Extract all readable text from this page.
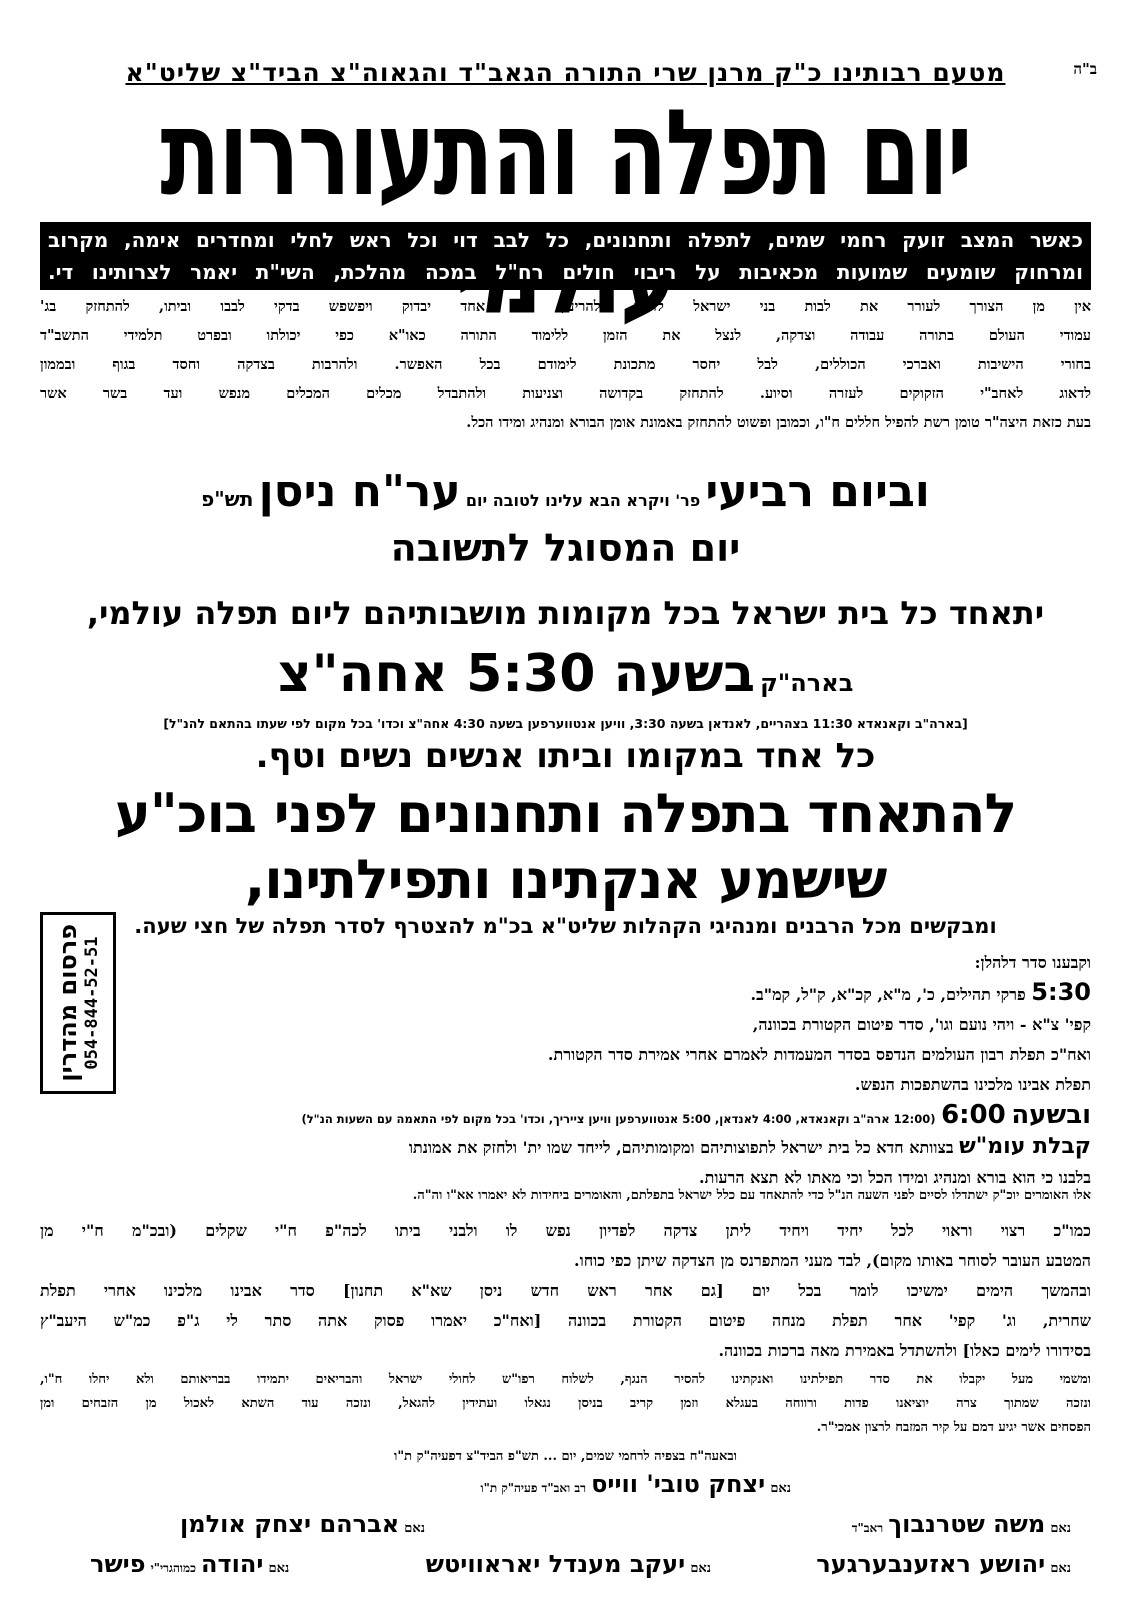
ב"ה
מטעם רבותינו כ"ק מרנן שרי התורה הגאב"ד והגאוה"צ הביד"צ שליט"א
יום תפלה והתעוררות
כאשר המצב זועק רחמי שמים, לתפלה ותחנונים, כל לבב דוי וכל ראש לחלי ומחדרים אימה, מקרוב
ומרחוק שומעים שמועות מכאיבות על ריבוי חולים רח"ל במכה מהלכת, השי"ת יאמר לצרותינו די.
אין מן הצורך לעורר את לבות בני ישראל לזעוק ולהריע, וכל אחד יבדוק ויפשפש בדקי לבבו וביתו, להתחזק בג'
עמודי העולם בתורה עבודה וצדקה, לנצל את הזמן ללימוד התורה כאו"א כפי יכולתו ובפרט תלמידי התשב"ד
בחורי הישיבות ואברכי הכוללים, לבל יחסר מתכונת לימודם בכל האפשר. ולהרבות בצדקה וחסד בגוף ובממון
לדאוג לאחב"י הזקוקים לעזרה וסיוע. להתחזק בקדושה וצניעות ולהתבדל מכלים המכלים מנפש ועד בשר אשר
בעת כזאת היצה"ר טומן רשת להפיל חללים ח"ו, וכמובן ופשוט להתחזק באמונת אומן הבורא ומנהיג ומידו הכל.
וביום רביעי פר' ויקרא הבא עלינו לטובה יום ער"ח ניסן תש"פ
יום המסוגל לתשובה
יתאחד כל בית ישראל בכל מקומות מושבותיהם ליום תפלה עולמי,
בארה"ק בשעה 5:30 אחה"צ
[בארה"ב וקאנאדא 11:30 בצהריים, לאנדאן בשעה 3:30, וויען אנטווערפען בשעה 4:30 אחה"צ וכדו' בכל מקום לפי שעתו בהתאם להנ"ל]
כל אחד במקומו וביתו אנשים נשים וטף.
להתאחד בתפלה ותחנונים לפני בוכ"ע
שישמע אנקתינו ותפילתינו,
ומבקשים מכל הרבנים ומנהיגי הקהלות שליט"א בכ"מ להצטרף לסדר תפלה של חצי שעה.
פרסום מהדרין 054-844-52-51	וקבענו סדר דלהלן:
5:30 פרקי תהילים, כ', מ"א, קכ"א, ק"ל, קמ"ב.
קפי' צ"א - ויהי נועם וגו', סדר פיטום הקטורת בכוונה,
ואח"כ תפלת רבון העולמים הנדפס בסדר המעמדות לאמרם אחרי אמירת סדר הקטורת.
תפלת אבינו מלכינו בהשתפכות הנפש.
ובשעה 6:00 (12:00 ארה"ב וקאנאדא, 4:00 לאנדאן, 5:00 אנטווערפען וויען צייריך, וכדו' בכל מקום לפי התאמה עם השעות הנ"ל)
קבלת עומ"ש בצוותא חדא כל בית ישראל לתפוצותיהם ומקומותיהם, לייחד שמו ית' ולחזק את אמונתו
בלבנו כי הוא בורא ומנהיג ומידו הכל וכי מאתו לא תצא הרעות.
אלו האומרים יוכ"ק ישתדלו לסיים לפני השעה הנ"ל כדי להתאחד עם כלל ישראל בתפלתם, והאומרים ביחידות לא יאמרו אא"ו וה"ה.
כמו"כ רצוי וראוי לכל יחיד ויחיד ליתן צדקה לפדיון נפש לו ולבני ביתו לכה"פ ח"י שקלים (ובכ"מ ח"י מן
המטבע העובר לסוחר באותו מקום), לבד מעני המתפרנס מן הצדקה שיתן כפי כוחו.
ובהמשך הימים ימשיכו לומר בכל יום [גם אחר ראש חדש ניסן שא"א תחנון] סדר אבינו מלכינו אחרי תפלת
שחרית, וג' קפי' אחר תפלת מנחה פיטום הקטורת בכוונה [ואח"כ יאמרו פסוק אתה סתר לי ג"פ כמ"ש היעב"ץ
בסידורו לימים כאלו] ולהשתדל באמירת מאה ברכות בכוונה.
ומשמי מעל יקבלו את סדר תפילתינו ואנקתינו להסיר הנגף, לשלוח רפו"ש לחולי ישראל והבריאים יתמידו בבריאותם ולא יחלו ח"ו,
ונזכה שמתוך צרה יוציאנו פדות ורווחה בעגלא וזמן קריב בניסן נגאלו ועתידין להגאל, ונזכה עוד השתא לאכול מן הזבחים ומן
הפסחים אשר יגיע דמם על קיר המזבח לרצון אמכי"ר.
ובאעה"ח בצפיה לרחמי שמים, יום ... תש"פ הביד"צ דפעיה"ק ת"ו
נאם יצחק טובי' ווייס רב ואב"ד פעיה"ק ת"ו
נאם משה שטרנבוך ראב"ד
נאם אברהם יצחק אולמן
נאם יהושע ראזענבערגער
נאם יעקב מענדל יאראוויטש
נאם יהודה כמוהגרי"י פישר
